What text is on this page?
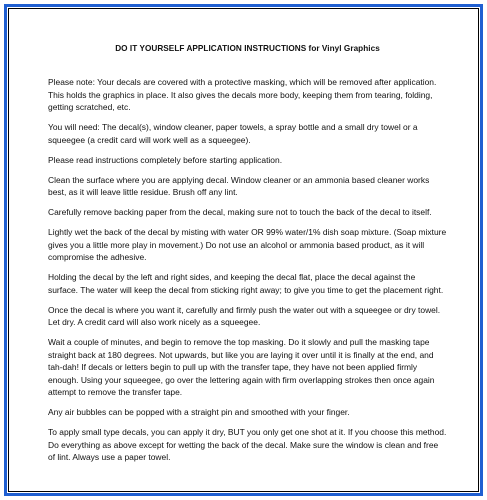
DO IT YOURSELF APPLICATION INSTRUCTIONS for Vinyl Graphics

Please note: Your decals are covered with a protective masking, which will be removed after application. This holds the graphics in place. It also gives the decals more body, keeping them from tearing, folding, getting scratched, etc.

You will need: The decal(s), window cleaner, paper towels, a spray bottle and a small dry towel or a squeegee (a credit card will work well as a squeegee).

Please read instructions completely before starting application.

Clean the surface where you are applying decal. Window cleaner or an ammonia based cleaner works best, as it will leave little residue. Brush off any lint.

Carefully remove backing paper from the decal, making sure not to touch the back of the decal to itself.

Lightly wet the back of the decal by misting with water OR 99% water/1% dish soap mixture. (Soap mixture gives you a little more play in movement.) Do not use an alcohol or ammonia based product, as it will compromise the adhesive.

Holding the decal by the left and right sides, and keeping the decal flat, place the decal against the surface. The water will keep the decal from sticking right away; to give you time to get the placement right.

Once the decal is where you want it, carefully and firmly push the water out with a squeegee or dry towel. Let dry. A credit card will also work nicely as a squeegee.

Wait a couple of minutes, and begin to remove the top masking. Do it slowly and pull the masking tape straight back at 180 degrees. Not upwards, but like you are laying it over until it is finally at the end, and tah-dah! If decals or letters begin to pull up with the transfer tape, they have not been applied firmly enough. Using your squeegee, go over the lettering again with firm overlapping strokes then once again attempt to remove the transfer tape.

Any air bubbles can be popped with a straight pin and smoothed with your finger.

To apply small type decals, you can apply it dry, BUT you only get one shot at it. If you choose this method. Do everything as above except for wetting the back of the decal. Make sure the window is clean and free of lint. Always use a paper towel.
